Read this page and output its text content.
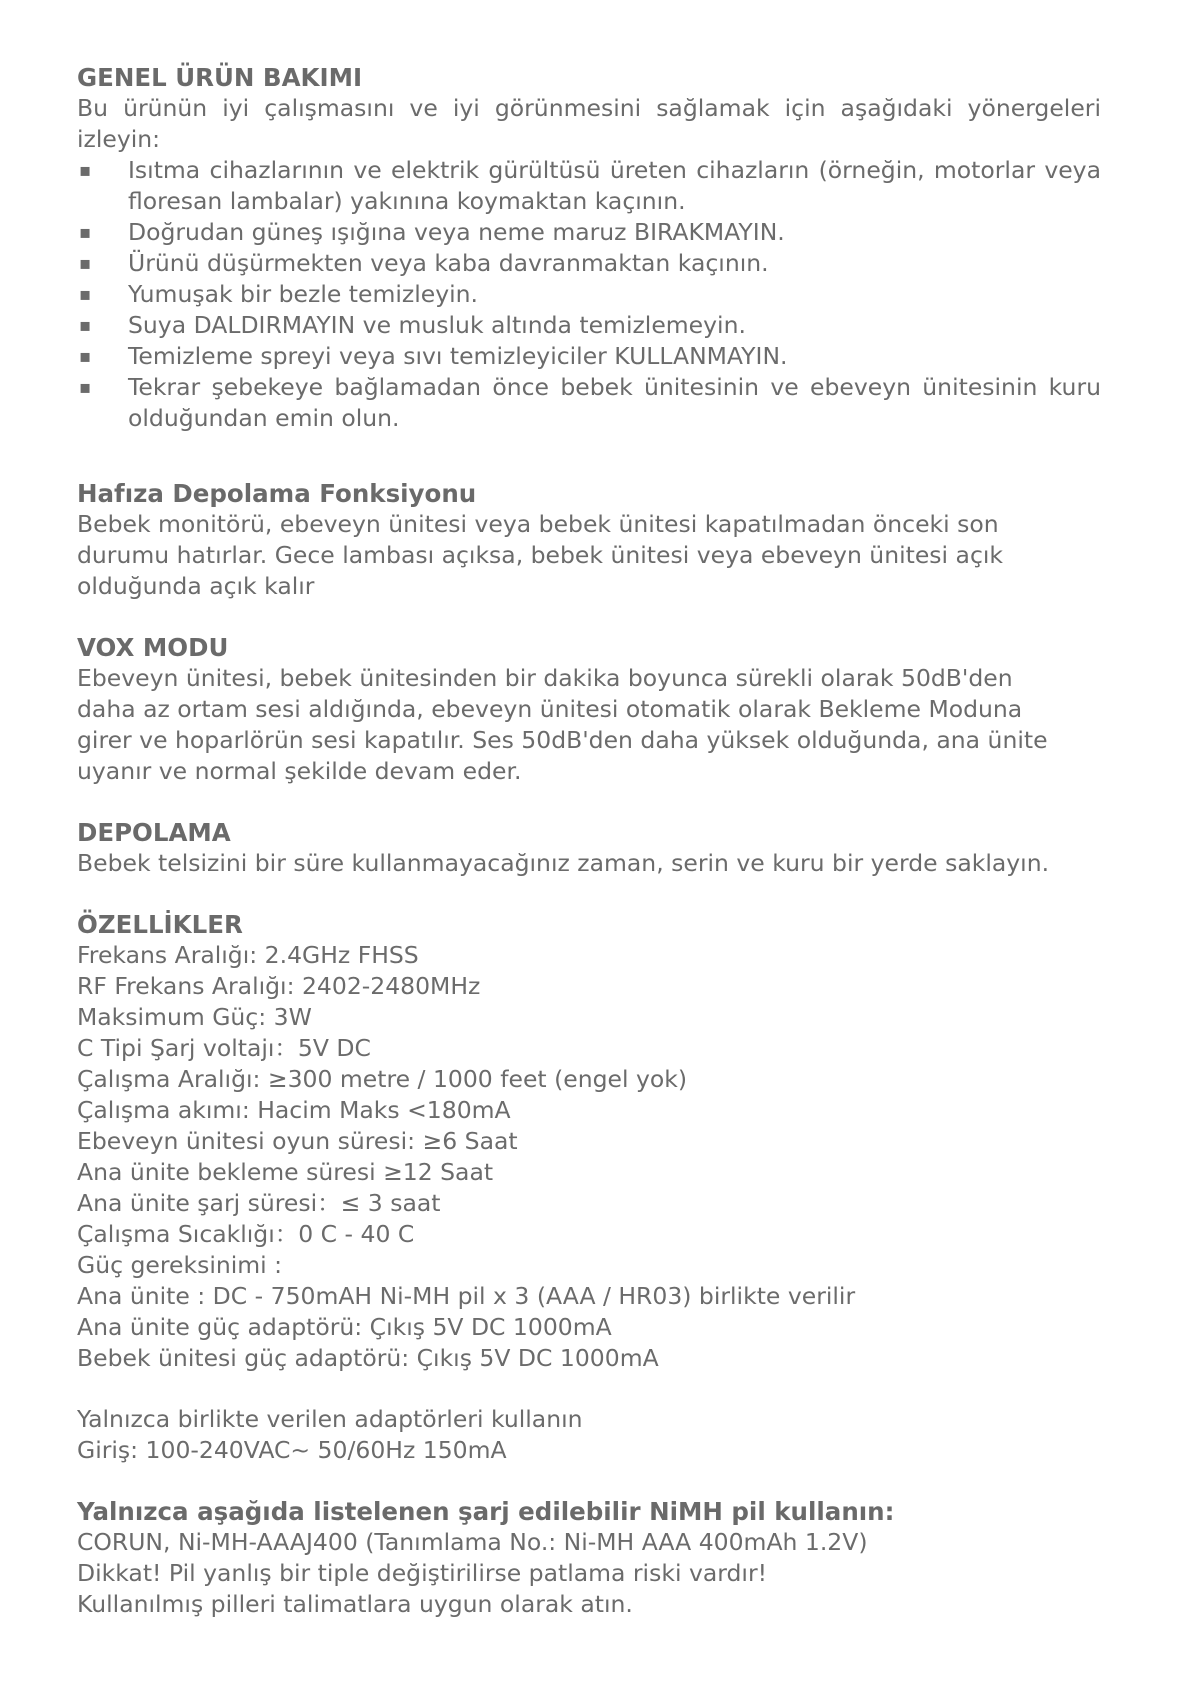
GENEL ÜRÜN BAKIMI

Bu ürünün iyi çalışmasını ve iyi görünmesini sağlamak için aşağıdaki yönergeleri izleyin:

▪ Isıtma cihazlarının ve elektrik gürültüsü üreten cihazların (örneğin, motorlar veya floresan lambalar) yakınına koymaktan kaçının.
▪ Doğrudan güneş ışığına veya neme maruz BIRAKMAYIN.
▪ Ürünü düşürmekten veya kaba davranmaktan kaçının.
▪ Yumuşak bir bezle temizleyin.
▪ Suya DALDIRMAYIN ve musluk altında temizlemeyin.
▪ Temizleme spreyi veya sıvı temizleyiciler KULLANMAYIN.
▪ Tekrar şebekeye bağlamadan önce bebek ünitesinin ve ebeveyn ünitesinin kuru olduğundan emin olun.
Hafıza Depolama Fonksiyonu

Bebek monitörü, ebeveyn ünitesi veya bebek ünitesi kapatılmadan önceki son

durumu hatırlar. Gece lambası açıksa, bebek ünitesi veya ebeveyn ünitesi açık

olduğunda açık kalır

VOX MODU

Ebeveyn ünitesi, bebek ünitesinden bir dakika boyunca sürekli olarak 50dB'den

daha az ortam sesi aldığında, ebeveyn ünitesi otomatik olarak Bekleme Moduna

girer ve hoparlörün sesi kapatılır. Ses 50dB'den daha yüksek olduğunda, ana ünite

uyanır ve normal şekilde devam eder.

DEPOLAMA

Bebek telsizini bir süre kullanmayacağınız zaman, serin ve kuru bir yerde saklayın.

ÖZELLİKLER

Frekans Aralığı: 2.4GHz FHSS

RF Frekans Aralığı: 2402-2480MHz

Maksimum Güç: 3W

C Tipi Şarj voltajı：5V DC

Çalışma Aralığı: ≥300 metre / 1000 feet (engel yok)

Çalışma akımı: Hacim Maks <180mA

Ebeveyn ünitesi oyun süresi: ≥6 Saat

Ana ünite bekleme süresi ≥12 Saat

Ana ünite şarj süresi：≤ 3 saat

Çalışma Sıcaklığı：0 C - 40 C

Güç gereksinimi :

Ana ünite : DC - 750mAH Ni-MH pil x 3 (AAA / HR03) birlikte verilir

Ana ünite güç adaptörü: Çıkış 5V DC 1000mA

Bebek ünitesi güç adaptörü: Çıkış 5V DC 1000mA

Yalnızca birlikte verilen adaptörleri kullanın

Giriş: 100-240VAC~ 50/60Hz 150mA

Yalnızca aşağıda listelenen şarj edilebilir NiMH pil kullanın:

CORUN, Ni-MH-AAAJ400 (Tanımlama No.: Ni-MH AAA 400mAh 1.2V)

Dikkat! Pil yanlış bir tiple değiştirilirse patlama riski vardır!

Kullanılmış pilleri talimatlara uygun olarak atın.
